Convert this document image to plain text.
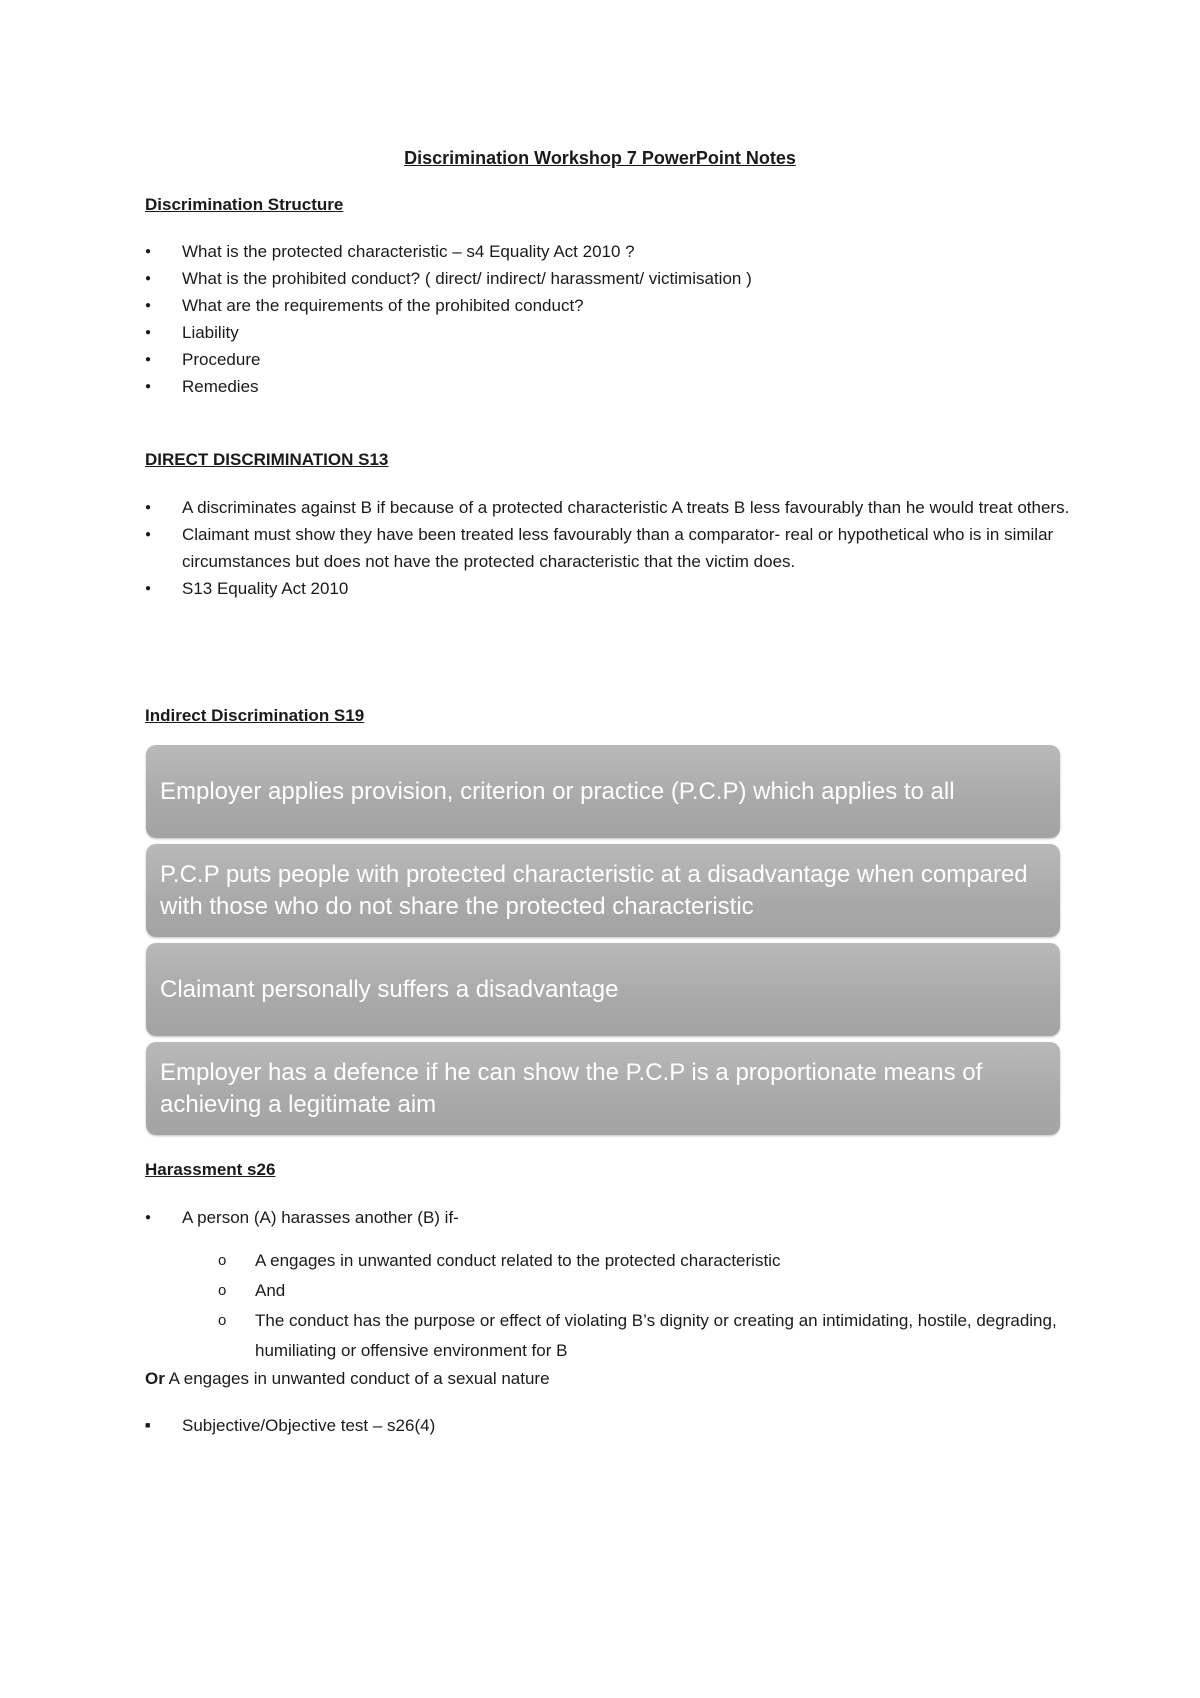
Discrimination Workshop 7 PowerPoint Notes
Discrimination Structure
● What is the protected characteristic – s4 Equality Act 2010 ?
● What is the prohibited conduct? ( direct/ indirect/ harassment/ victimisation )
● What are the requirements of the prohibited conduct?
● Liability
● Procedure
● Remedies
DIRECT DISCRIMINATION S13
● A discriminates against B if because of a protected characteristic A treats B less favourably than he would treat others.
● Claimant must show they have been treated less favourably than a comparator- real or hypothetical who is in similar circumstances but does not have the protected characteristic that the victim does.
● S13 Equality Act 2010
Indirect Discrimination S19
Employer applies provision, criterion or practice (P.C.P) which applies to all
P.C.P puts people with protected characteristic at a disadvantage when compared with those who do not share the protected characteristic
Claimant personally suffers a disadvantage
Employer has a defence if he can show the P.C.P is a proportionate means of achieving a legitimate aim
Harassment s26
● A person (A) harasses another (B) if-
o A engages in unwanted conduct related to the protected characteristic
o And
o The conduct has the purpose or effect of violating B’s dignity or creating an intimidating, hostile, degrading, humiliating or offensive environment for B
Or A engages in unwanted conduct of a sexual nature
■ Subjective/Objective test – s26(4)
